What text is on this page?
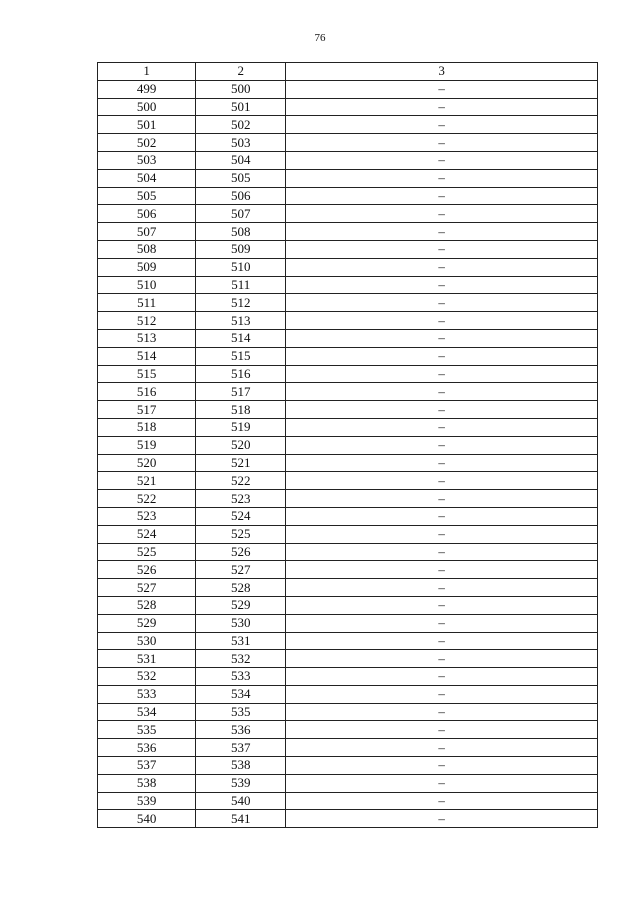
76
1	2	3
499	500	–
500	501	–
501	502	–
502	503	–
503	504	–
504	505	–
505	506	–
506	507	–
507	508	–
508	509	–
509	510	–
510	511	–
511	512	–
512	513	–
513	514	–
514	515	–
515	516	–
516	517	–
517	518	–
518	519	–
519	520	–
520	521	–
521	522	–
522	523	–
523	524	–
524	525	–
525	526	–
526	527	–
527	528	–
528	529	–
529	530	–
530	531	–
531	532	–
532	533	–
533	534	–
534	535	–
535	536	–
536	537	–
537	538	–
538	539	–
539	540	–
540	541	–
